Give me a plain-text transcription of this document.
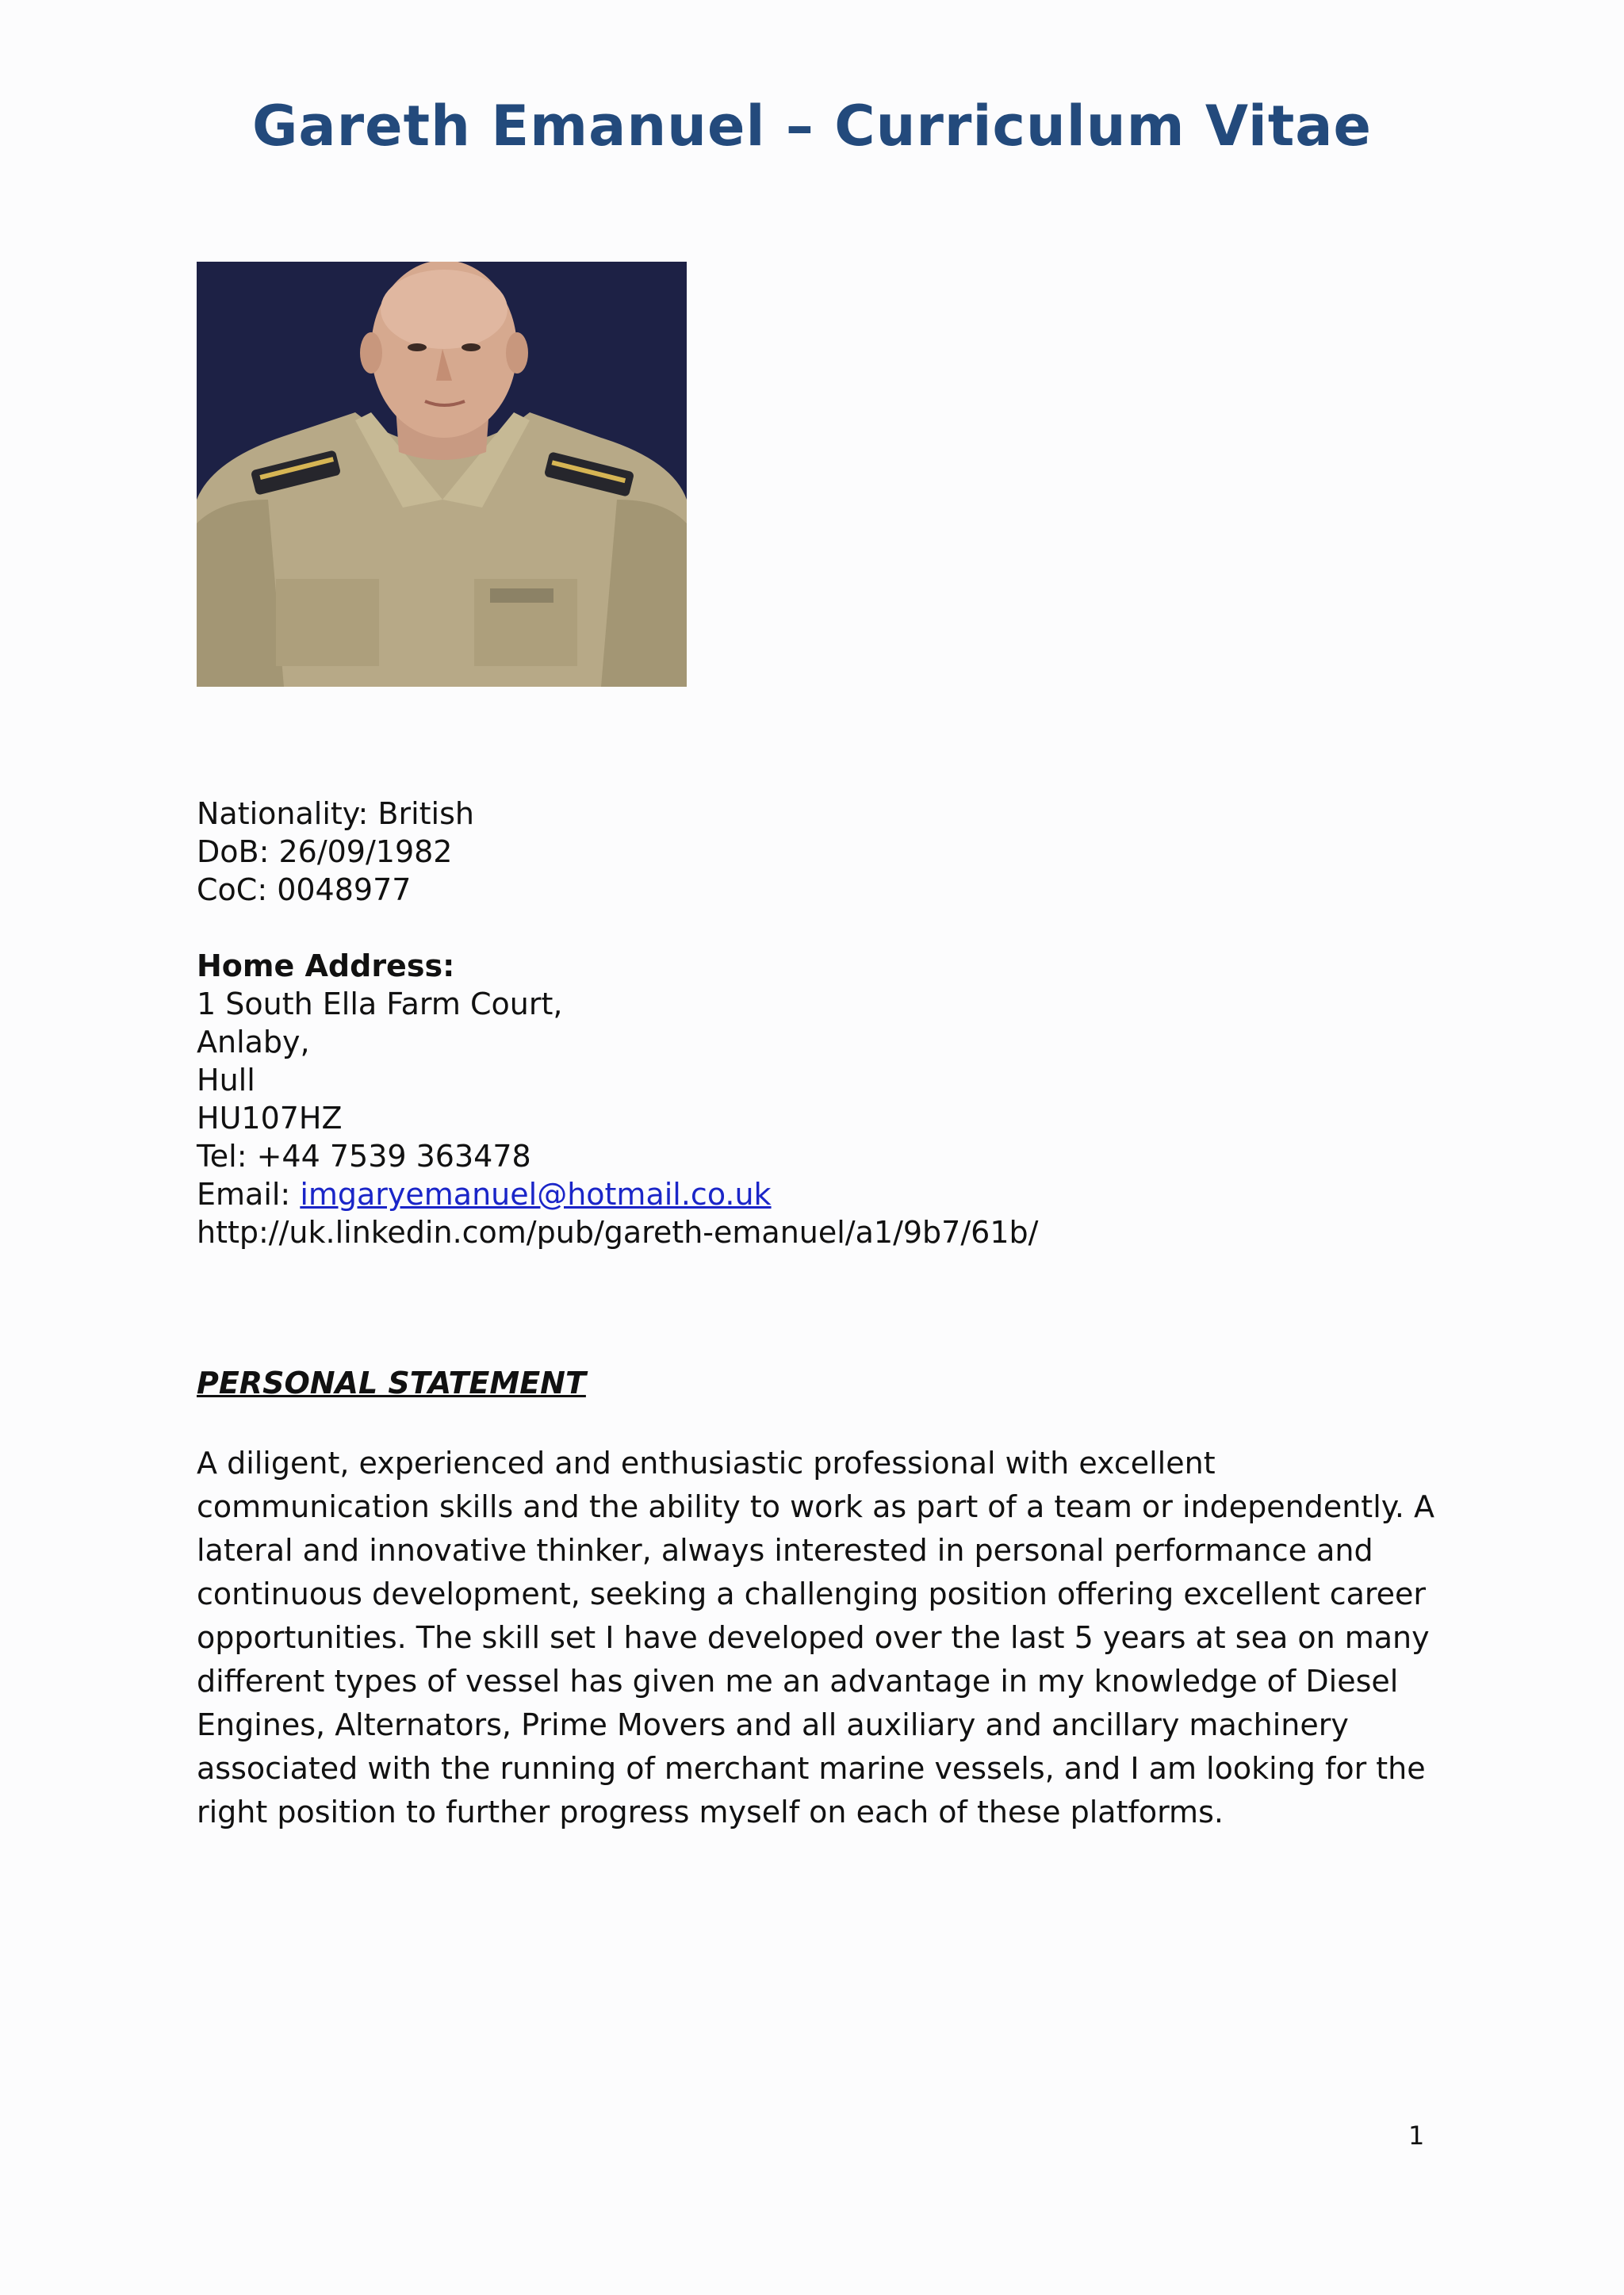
Gareth Emanuel – Curriculum Vitae
Nationality: British
DoB: 26/09/1982
CoC: 0048977
Home Address:
1 South Ella Farm Court,
Anlaby,
Hull
HU107HZ
Tel: +44 7539 363478
Email: imgaryemanuel@hotmail.co.uk
http://uk.linkedin.com/pub/gareth-emanuel/a1/9b7/61b/
PERSONAL STATEMENT
A diligent, experienced and enthusiastic professional with excellent
communication skills and the ability to work as part of a team or independently. A
lateral and innovative thinker, always interested in personal performance and
continuous development, seeking a challenging position offering excellent career
opportunities. The skill set I have developed over the last 5 years at sea on many
different types of vessel has given me an advantage in my knowledge of Diesel
Engines, Alternators, Prime Movers and all auxiliary and ancillary machinery
associated with the running of merchant marine vessels, and I am looking for the
right position to further progress myself on each of these platforms.
1
